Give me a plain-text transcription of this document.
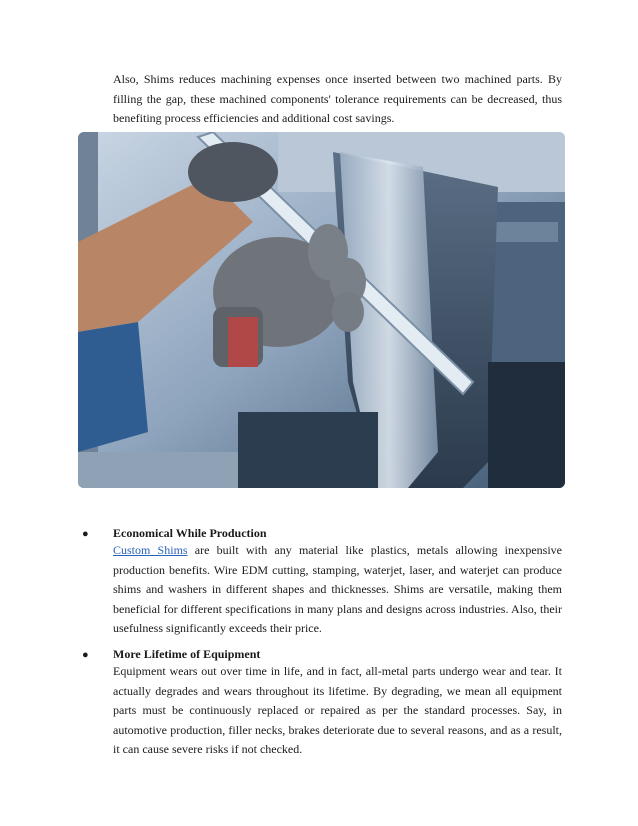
Also, Shims reduces machining expenses once inserted between two machined parts. By filling the gap, these machined components' tolerance requirements can be decreased, thus benefiting process efficiencies and additional cost savings.

● Economical While Production

Custom Shims are built with any material like plastics, metals allowing inexpensive production benefits. Wire EDM cutting, stamping, waterjet, laser, and waterjet can produce shims and washers in different shapes and thicknesses. Shims are versatile, making them beneficial for different specifications in many plans and designs across industries. Also, their usefulness significantly exceeds their price.

● More Lifetime of Equipment

Equipment wears out over time in life, and in fact, all-metal parts undergo wear and tear. It actually degrades and wears throughout its lifetime. By degrading, we mean all equipment parts must be continuously replaced or repaired as per the standard processes. Say, in automotive production, filler necks, brakes deteriorate due to several reasons, and as a result, it can cause severe risks if not checked.
